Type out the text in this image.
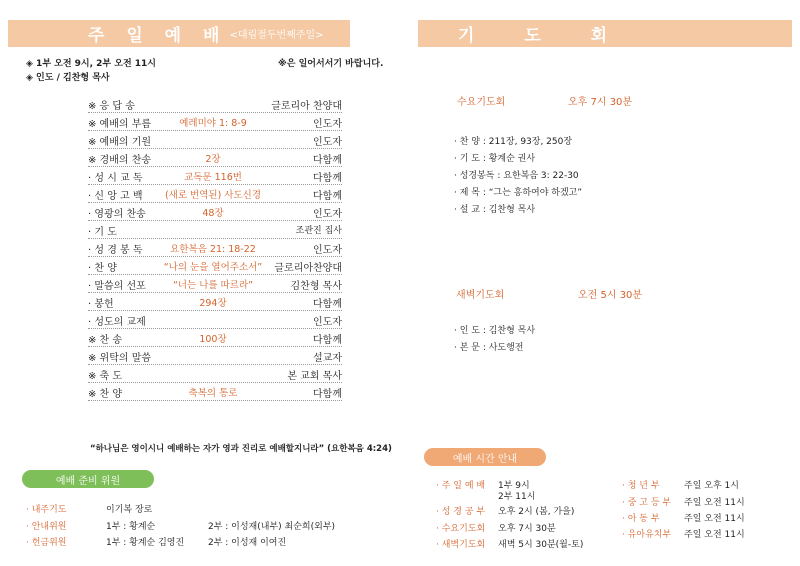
주 일 예 배 <대림절두번째주일>
◈ 1부 오전 9시, 2부 오전 11시	※은 일어서서기 바랍니다.
◈ 인도 / 김찬형 목사
※ 응 답 송	글로리아 찬양대
※ 예배의 부름	예레미야 1: 8-9	인도자
※ 예배의 기원	인도자
※ 경배의 찬송	2장	다함께
· 성 시 교 독	교독문 116번	다함께
· 신 앙 고 백	(새로 번역된) 사도신경	다함께
· 영광의 찬송	48장	인도자
· 기 도	조관진 집사
· 성 경 봉 독	요한복음 21: 18-22	인도자
· 찬 양	“나의 눈을 열어주소서”	글로리아찬양대
· 말씀의 선포	“너는 나를 따르라”	김찬형 목사
· 봉헌	294장	다함께
· 성도의 교제	인도자
※ 찬 송	100장	다함께
※ 위탁의 말씀	설교자
※ 축 도	본 교회 목사
※ 찬 양	축복의 통로	다함께
“하나님은 영이시니 예배하는 자가 영과 진리로 예배할지니라” (요한복음 4:24)
예배 준비 위원
· 내주기도	이기복 장로
· 안내위원	1부 : 황계순	2부 : 이성재(내부) 최순희(외부)
· 헌금위원	1부 : 황계순 김영진	2부 : 이성재 이여진
기 도 회
수요기도회	오후 7시 30분
· 찬 양 : 211장, 93장, 250장
· 기 도 : 황계순 권사
· 성경봉독 : 요한복음 3: 22-30
· 제 목 : “그는 흥하여야 하겠고”
· 설 교 : 김찬형 목사
새벽기도회	오전 5시 30분
· 인 도 : 김찬형 목사
· 본 문 : 사도행전
예배 시간 안내
· 주 일 예 배 1부 9시
2부 11시
· 성 경 공 부 오후 2시 (봄, 가을)
· 수요기도회 오후 7시 30분
· 새벽기도회 새벽 5시 30분(월-토)
· 청 년 부	주일 오후 1시
· 중 고 등 부 주일 오전 11시
· 아 동 부	주일 오전 11시
· 유아유치부 주일 오전 11시
